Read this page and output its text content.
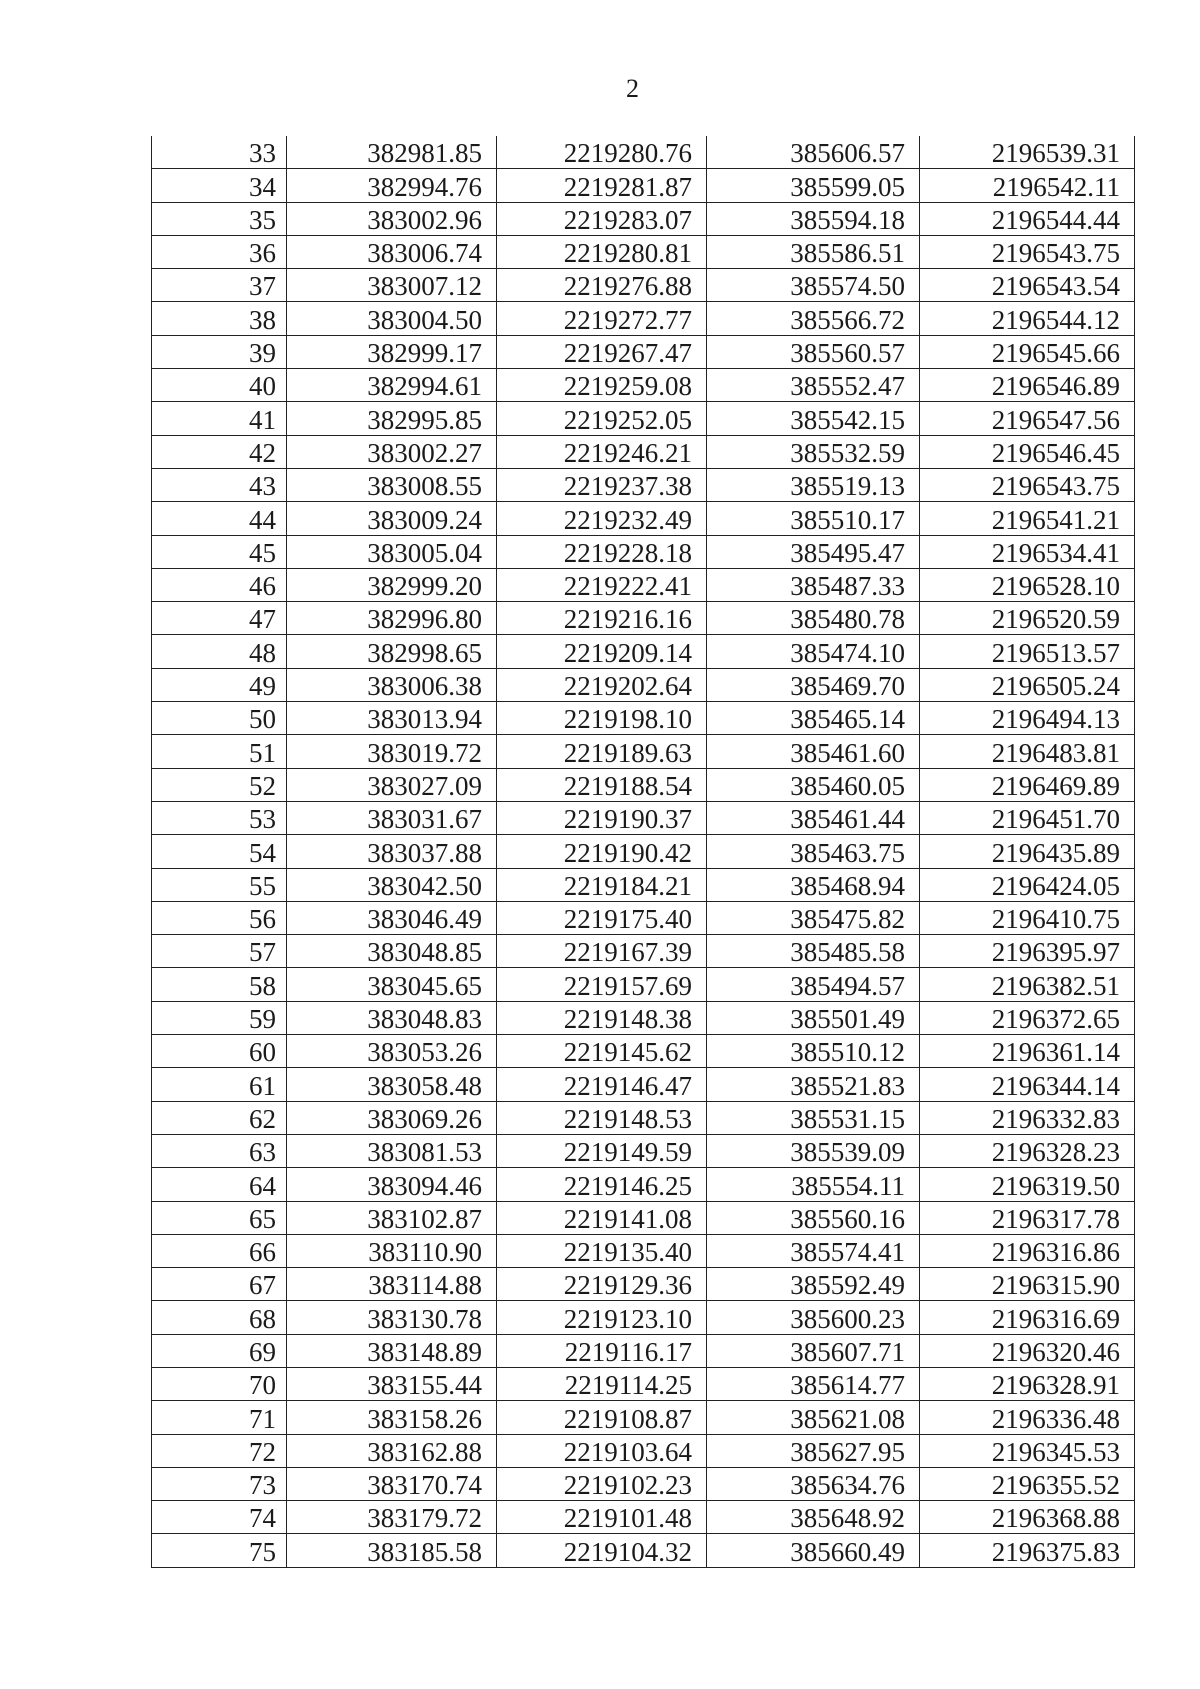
2
33	382981.85	2219280.76	385606.57	2196539.31
34	382994.76	2219281.87	385599.05	2196542.11
35	383002.96	2219283.07	385594.18	2196544.44
36	383006.74	2219280.81	385586.51	2196543.75
37	383007.12	2219276.88	385574.50	2196543.54
38	383004.50	2219272.77	385566.72	2196544.12
39	382999.17	2219267.47	385560.57	2196545.66
40	382994.61	2219259.08	385552.47	2196546.89
41	382995.85	2219252.05	385542.15	2196547.56
42	383002.27	2219246.21	385532.59	2196546.45
43	383008.55	2219237.38	385519.13	2196543.75
44	383009.24	2219232.49	385510.17	2196541.21
45	383005.04	2219228.18	385495.47	2196534.41
46	382999.20	2219222.41	385487.33	2196528.10
47	382996.80	2219216.16	385480.78	2196520.59
48	382998.65	2219209.14	385474.10	2196513.57
49	383006.38	2219202.64	385469.70	2196505.24
50	383013.94	2219198.10	385465.14	2196494.13
51	383019.72	2219189.63	385461.60	2196483.81
52	383027.09	2219188.54	385460.05	2196469.89
53	383031.67	2219190.37	385461.44	2196451.70
54	383037.88	2219190.42	385463.75	2196435.89
55	383042.50	2219184.21	385468.94	2196424.05
56	383046.49	2219175.40	385475.82	2196410.75
57	383048.85	2219167.39	385485.58	2196395.97
58	383045.65	2219157.69	385494.57	2196382.51
59	383048.83	2219148.38	385501.49	2196372.65
60	383053.26	2219145.62	385510.12	2196361.14
61	383058.48	2219146.47	385521.83	2196344.14
62	383069.26	2219148.53	385531.15	2196332.83
63	383081.53	2219149.59	385539.09	2196328.23
64	383094.46	2219146.25	385554.11	2196319.50
65	383102.87	2219141.08	385560.16	2196317.78
66	383110.90	2219135.40	385574.41	2196316.86
67	383114.88	2219129.36	385592.49	2196315.90
68	383130.78	2219123.10	385600.23	2196316.69
69	383148.89	2219116.17	385607.71	2196320.46
70	383155.44	2219114.25	385614.77	2196328.91
71	383158.26	2219108.87	385621.08	2196336.48
72	383162.88	2219103.64	385627.95	2196345.53
73	383170.74	2219102.23	385634.76	2196355.52
74	383179.72	2219101.48	385648.92	2196368.88
75	383185.58	2219104.32	385660.49	2196375.83
